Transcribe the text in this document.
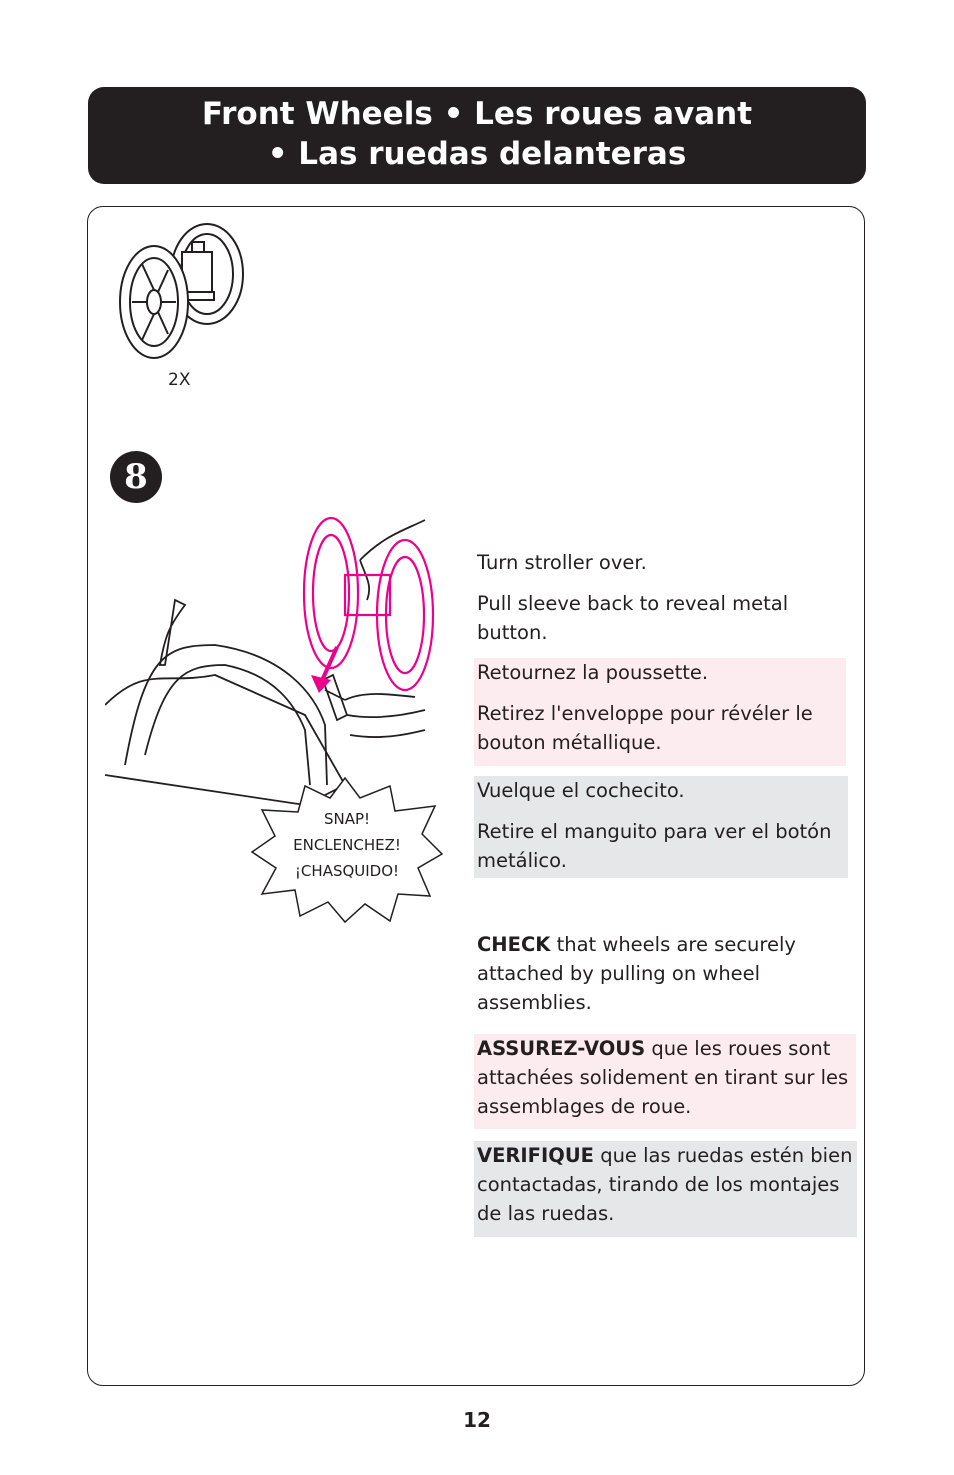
Front Wheels • Les roues avant
• Las ruedas delanteras
2X
8
SNAP!
ENCLENCHEZ!
¡CHASQUIDO!

Turn stroller over.

Pull sleeve back to reveal metal button.

Retournez la poussette.

Retirez l'enveloppe pour révéler le bouton métallique.

Vuelque el cochecito.

Retire el manguito para ver el botón metálico.

CHECK that wheels are securely attached by pulling on wheel assemblies.

ASSUREZ-VOUS que les roues sont attachées solidement en tirant sur les assemblages de roue.

VERIFIQUE que las ruedas estén bien contactadas, tirando de los montajes de las ruedas.

12
